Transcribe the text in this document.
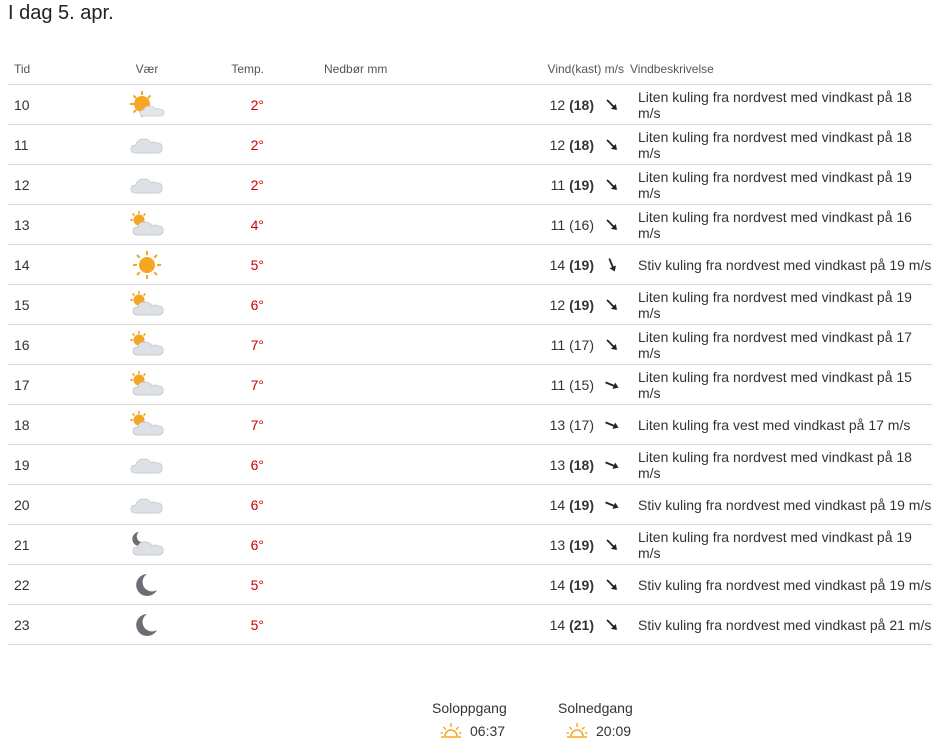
I dag 5. apr.
Tid	Vær	Temp.	Nedbør mm	Vind(kast) m/s		Vindbeskrivelse
10		2°		12 (18)		Liten kuling fra nordvest med vindkast på 18 m/s
11		2°		12 (18)		Liten kuling fra nordvest med vindkast på 18 m/s
12		2°		11 (19)		Liten kuling fra nordvest med vindkast på 19 m/s
13		4°		11 (16)		Liten kuling fra nordvest med vindkast på 16 m/s
14		5°		14 (19)		Stiv kuling fra nordvest med vindkast på 19 m/s
15		6°		12 (19)		Liten kuling fra nordvest med vindkast på 19 m/s
16		7°		11 (17)		Liten kuling fra nordvest med vindkast på 17 m/s
17		7°		11 (15)		Liten kuling fra nordvest med vindkast på 15 m/s
18		7°		13 (17)		Liten kuling fra vest med vindkast på 17 m/s
19		6°		13 (18)		Liten kuling fra nordvest med vindkast på 18 m/s
20		6°		14 (19)		Stiv kuling fra nordvest med vindkast på 19 m/s
21		6°		13 (19)		Liten kuling fra nordvest med vindkast på 19 m/s
22		5°		14 (19)		Stiv kuling fra nordvest med vindkast på 19 m/s
23		5°		14 (21)		Stiv kuling fra nordvest med vindkast på 21 m/s
Soloppgang
06:37
Solnedgang
20:09
